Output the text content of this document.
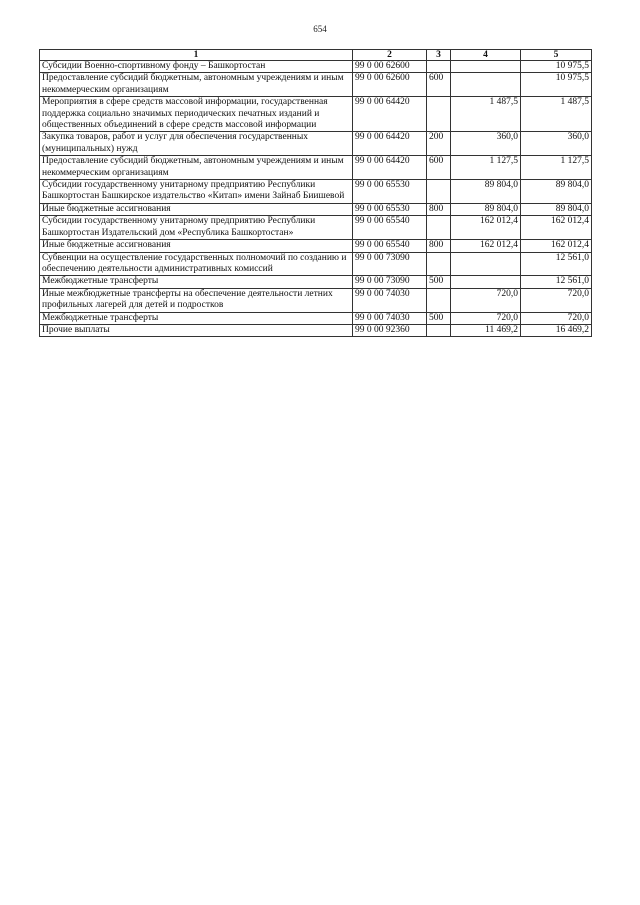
654
1	2	3	4	5
Субсидии Военно-спортивному фонду – Башкортостан	99 0 00 62600			10 975,5
Предоставление субсидий бюджетным, автономным учреждениям и иным некоммерческим организациям	99 0 00 62600	600		10 975,5
Мероприятия в сфере средств массовой информации, государственная поддержка социально значимых периодических печатных изданий и общественных объединений в сфере средств массовой информации	99 0 00 64420		1 487,5	1 487,5
Закупка товаров, работ и услуг для обеспечения государственных (муниципальных) нужд	99 0 00 64420	200	360,0	360,0
Предоставление субсидий бюджетным, автономным учреждениям и иным некоммерческим организациям	99 0 00 64420	600	1 127,5	1 127,5
Субсидии государственному унитарному предприятию Республики Башкортостан Башкирское издательство «Китап» имени Зайнаб Биишевой	99 0 00 65530		89 804,0	89 804,0
Иные бюджетные ассигнования	99 0 00 65530	800	89 804,0	89 804,0
Субсидии государственному унитарному предприятию Республики Башкортостан Издательский дом «Республика Башкортостан»	99 0 00 65540		162 012,4	162 012,4
Иные бюджетные ассигнования	99 0 00 65540	800	162 012,4	162 012,4
Субвенции на осуществление государственных полномочий по созданию и обеспечению деятельности административных комиссий	99 0 00 73090			12 561,0
Межбюджетные трансферты	99 0 00 73090	500		12 561,0
Иные межбюджетные трансферты на обеспечение деятельности летних профильных лагерей для детей и подростков	99 0 00 74030		720,0	720,0
Межбюджетные трансферты	99 0 00 74030	500	720,0	720,0
Прочие выплаты	99 0 00 92360		11 469,2	16 469,2
